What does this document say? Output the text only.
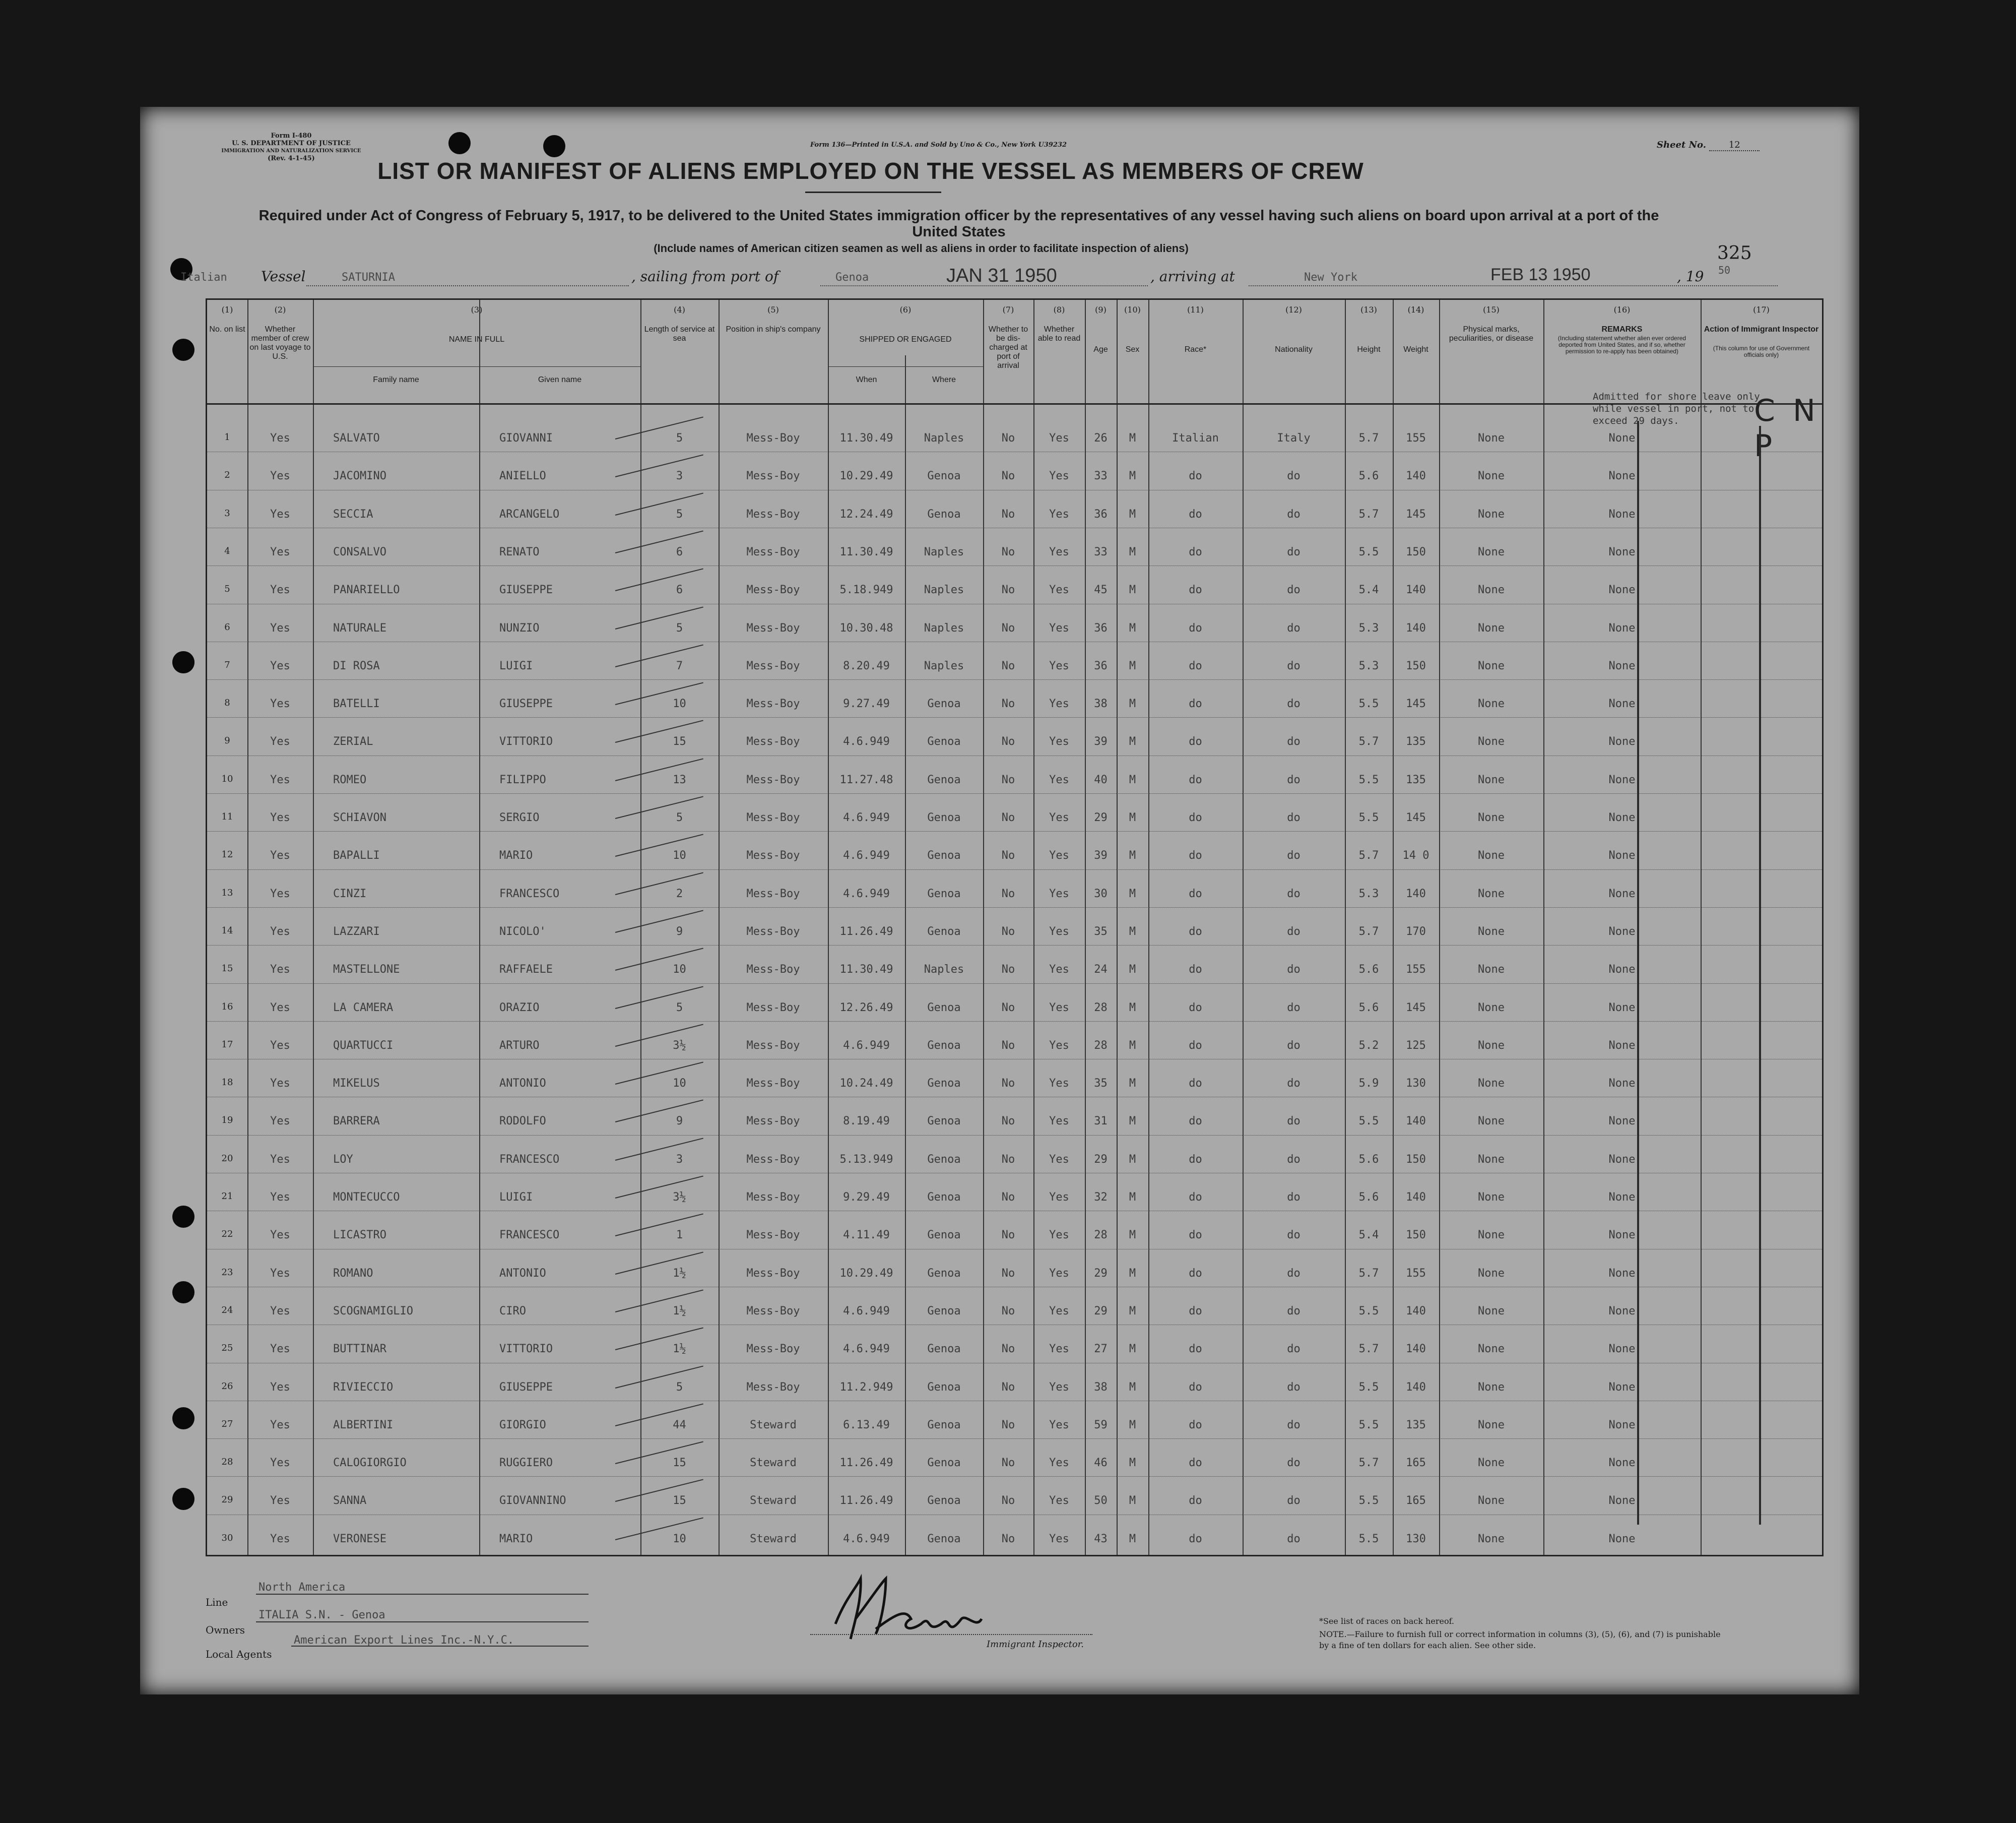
Form I-480
U. S. DEPARTMENT OF JUSTICE
IMMIGRATION AND NATURALIZATION SERVICE
(Rev. 4-1-45)
Form 136—Printed in U.S.A. and Sold by Uno & Co., New York U39232	Sheet No. 12
LIST OR MANIFEST OF ALIENS EMPLOYED ON THE VESSEL AS MEMBERS OF CREW
Required under Act of Congress of February 5, 1917, to be delivered to the United States immigration officer by the representatives of any vessel having such aliens on board upon arrival at a port of the United States
(Include names of American citizen seamen as well as aliens in order to facilitate inspection of aliens)	325
Italian Vessel	SATURNIA	, sailing from port of	Genoa	JAN 31 1950	, arriving at	New York	FEB 13 1950	, 19 50
(1)
No. on list
(2)
Whether member of crew on last voyage to U.S.
(3)
NAME IN FULL
(4)
Length of service at sea
(5)
Position in ship's company
(6)
SHIPPED OR ENGAGED
(7)
Whether to be dis-charged at port of arrival
(8)
Whether able to read
(9)
Age
(10)
Sex
(11)
Race*
(12)
Nationality
(13)
Height
(14)
Weight
(15)
Physical marks, peculiarities, or disease
(16)
REMARKS
(Including statement whether alien ever ordered deported from United States, and if so, whether permission to re-apply has been obtained)
(17)
Action of Immigrant Inspector
(This column for use of Government officials only)
Family name	Given name	When	Where
1	Yes	SALVATO	GIOVANNI	5	Mess-Boy	11.30.49	Naples	No	Yes	26	M	Italian	Italy	5.7	155	None	None
2	Yes	JACOMINO	ANIELLO	3	Mess-Boy	10.29.49	Genoa	No	Yes	33	M	do	do	5.6	140	None	None
3	Yes	SECCIA	ARCANGELO	5	Mess-Boy	12.24.49	Genoa	No	Yes	36	M	do	do	5.7	145	None	None
4	Yes	CONSALVO	RENATO	6	Mess-Boy	11.30.49	Naples	No	Yes	33	M	do	do	5.5	150	None	None
5	Yes	PANARIELLO	GIUSEPPE	6	Mess-Boy	5.18.949	Naples	No	Yes	45	M	do	do	5.4	140	None	None
6	Yes	NATURALE	NUNZIO	5	Mess-Boy	10.30.48	Naples	No	Yes	36	M	do	do	5.3	140	None	None
7	Yes	DI ROSA	LUIGI	7	Mess-Boy	8.20.49	Naples	No	Yes	36	M	do	do	5.3	150	None	None
8	Yes	BATELLI	GIUSEPPE	10	Mess-Boy	9.27.49	Genoa	No	Yes	38	M	do	do	5.5	145	None	None
9	Yes	ZERIAL	VITTORIO	15	Mess-Boy	4.6.949	Genoa	No	Yes	39	M	do	do	5.7	135	None	None
10	Yes	ROMEO	FILIPPO	13	Mess-Boy	11.27.48	Genoa	No	Yes	40	M	do	do	5.5	135	None	None
11	Yes	SCHIAVON	SERGIO	5	Mess-Boy	4.6.949	Genoa	No	Yes	29	M	do	do	5.5	145	None	None
12	Yes	BAPALLI	MARIO	10	Mess-Boy	4.6.949	Genoa	No	Yes	39	M	do	do	5.7	14 0	None	None
13	Yes	CINZI	FRANCESCO	2	Mess-Boy	4.6.949	Genoa	No	Yes	30	M	do	do	5.3	140	None	None
14	Yes	LAZZARI	NICOLO'	9	Mess-Boy	11.26.49	Genoa	No	Yes	35	M	do	do	5.7	170	None	None
15	Yes	MASTELLONE	RAFFAELE	10	Mess-Boy	11.30.49	Naples	No	Yes	24	M	do	do	5.6	155	None	None
16	Yes	LA CAMERA	ORAZIO	5	Mess-Boy	12.26.49	Genoa	No	Yes	28	M	do	do	5.6	145	None	None
17	Yes	QUARTUCCI	ARTURO	3½	Mess-Boy	4.6.949	Genoa	No	Yes	28	M	do	do	5.2	125	None	None
18	Yes	MIKELUS	ANTONIO	10	Mess-Boy	10.24.49	Genoa	No	Yes	35	M	do	do	5.9	130	None	None
19	Yes	BARRERA	RODOLFO	9	Mess-Boy	8.19.49	Genoa	No	Yes	31	M	do	do	5.5	140	None	None
20	Yes	LOY	FRANCESCO	3	Mess-Boy	5.13.949	Genoa	No	Yes	29	M	do	do	5.6	150	None	None
21	Yes	MONTECUCCO	LUIGI	3½	Mess-Boy	9.29.49	Genoa	No	Yes	32	M	do	do	5.6	140	None	None
22	Yes	LICASTRO	FRANCESCO	1	Mess-Boy	4.11.49	Genoa	No	Yes	28	M	do	do	5.4	150	None	None
23	Yes	ROMANO	ANTONIO	1½	Mess-Boy	10.29.49	Genoa	No	Yes	29	M	do	do	5.7	155	None	None
24	Yes	SCOGNAMIGLIO	CIRO	1½	Mess-Boy	4.6.949	Genoa	No	Yes	29	M	do	do	5.5	140	None	None
25	Yes	BUTTINAR	VITTORIO	1½	Mess-Boy	4.6.949	Genoa	No	Yes	27	M	do	do	5.7	140	None	None
26	Yes	RIVIECCIO	GIUSEPPE	5	Mess-Boy	11.2.949	Genoa	No	Yes	38	M	do	do	5.5	140	None	None
27	Yes	ALBERTINI	GIORGIO	44	Steward	6.13.49	Genoa	No	Yes	59	M	do	do	5.5	135	None	None
28	Yes	CALOGIORGIO	RUGGIERO	15	Steward	11.26.49	Genoa	No	Yes	46	M	do	do	5.7	165	None	None
29	Yes	SANNA	GIOVANNINO	15	Steward	11.26.49	Genoa	No	Yes	50	M	do	do	5.5	165	None	None
30	Yes	VERONESE	MARIO	10	Steward	4.6.949	Genoa	No	Yes	43	M	do	do	5.5	130	None	None
Admitted for shore leave only
while vessel in port, not to
exceed 29 days.	C N P
Line
North America
Owners
ITALIA S.N. - Genoa
Local Agents
American Export Lines Inc.-N.Y.C.	Immigrant Inspector.
*See list of races on back hereof.
NOTE.—Failure to furnish full or correct information in columns (3), (5), (6), and (7) is punishable by a fine of ten dollars for each alien. See other side.
